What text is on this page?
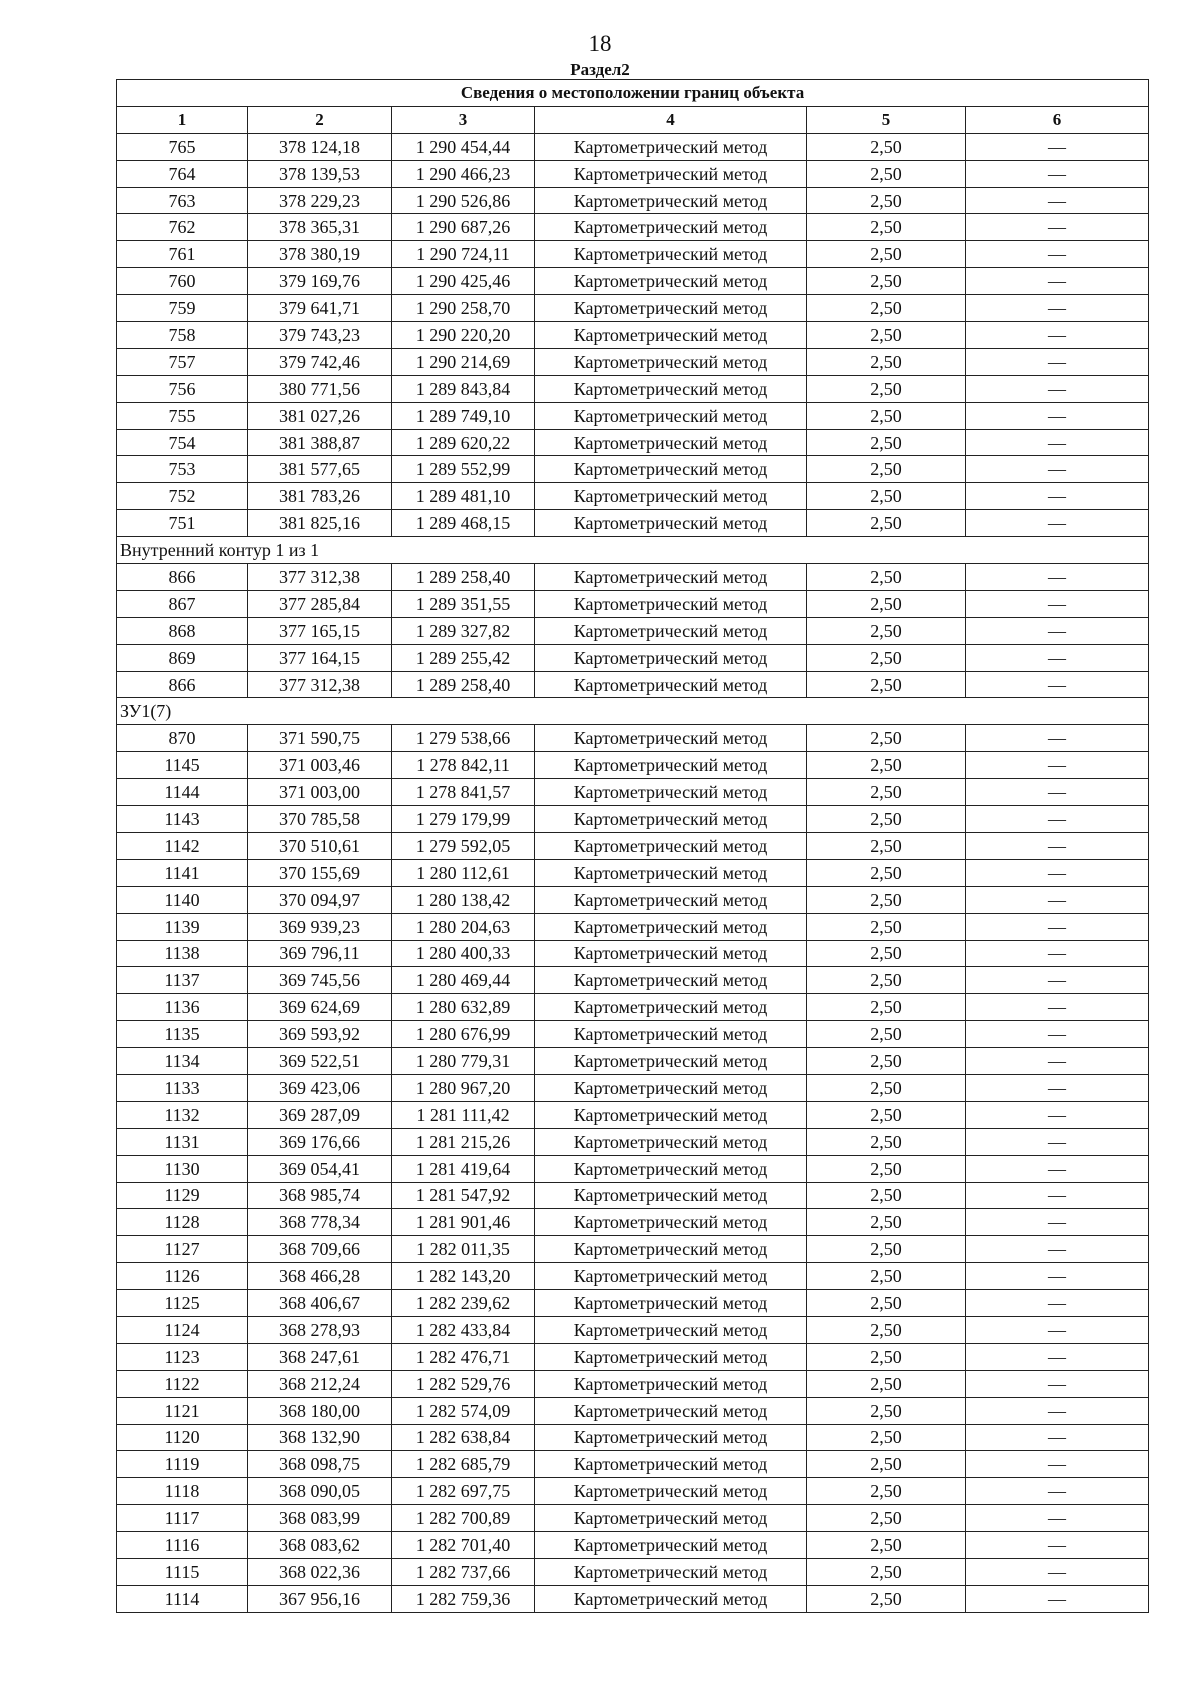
18
Раздел2
Сведения о местоположении границ объекта					
1	2	3	4	5	6
765	378 124,18	1 290 454,44	Картометрический метод	2,50	—
764	378 139,53	1 290 466,23	Картометрический метод	2,50	—
763	378 229,23	1 290 526,86	Картометрический метод	2,50	—
762	378 365,31	1 290 687,26	Картометрический метод	2,50	—
761	378 380,19	1 290 724,11	Картометрический метод	2,50	—
760	379 169,76	1 290 425,46	Картометрический метод	2,50	—
759	379 641,71	1 290 258,70	Картометрический метод	2,50	—
758	379 743,23	1 290 220,20	Картометрический метод	2,50	—
757	379 742,46	1 290 214,69	Картометрический метод	2,50	—
756	380 771,56	1 289 843,84	Картометрический метод	2,50	—
755	381 027,26	1 289 749,10	Картометрический метод	2,50	—
754	381 388,87	1 289 620,22	Картометрический метод	2,50	—
753	381 577,65	1 289 552,99	Картометрический метод	2,50	—
752	381 783,26	1 289 481,10	Картометрический метод	2,50	—
751	381 825,16	1 289 468,15	Картометрический метод	2,50	—
Внутренний контур 1 из 1					
866	377 312,38	1 289 258,40	Картометрический метод	2,50	—
867	377 285,84	1 289 351,55	Картометрический метод	2,50	—
868	377 165,15	1 289 327,82	Картометрический метод	2,50	—
869	377 164,15	1 289 255,42	Картометрический метод	2,50	—
866	377 312,38	1 289 258,40	Картометрический метод	2,50	—
ЗУ1(7)					
870	371 590,75	1 279 538,66	Картометрический метод	2,50	—
1145	371 003,46	1 278 842,11	Картометрический метод	2,50	—
1144	371 003,00	1 278 841,57	Картометрический метод	2,50	—
1143	370 785,58	1 279 179,99	Картометрический метод	2,50	—
1142	370 510,61	1 279 592,05	Картометрический метод	2,50	—
1141	370 155,69	1 280 112,61	Картометрический метод	2,50	—
1140	370 094,97	1 280 138,42	Картометрический метод	2,50	—
1139	369 939,23	1 280 204,63	Картометрический метод	2,50	—
1138	369 796,11	1 280 400,33	Картометрический метод	2,50	—
1137	369 745,56	1 280 469,44	Картометрический метод	2,50	—
1136	369 624,69	1 280 632,89	Картометрический метод	2,50	—
1135	369 593,92	1 280 676,99	Картометрический метод	2,50	—
1134	369 522,51	1 280 779,31	Картометрический метод	2,50	—
1133	369 423,06	1 280 967,20	Картометрический метод	2,50	—
1132	369 287,09	1 281 111,42	Картометрический метод	2,50	—
1131	369 176,66	1 281 215,26	Картометрический метод	2,50	—
1130	369 054,41	1 281 419,64	Картометрический метод	2,50	—
1129	368 985,74	1 281 547,92	Картометрический метод	2,50	—
1128	368 778,34	1 281 901,46	Картометрический метод	2,50	—
1127	368 709,66	1 282 011,35	Картометрический метод	2,50	—
1126	368 466,28	1 282 143,20	Картометрический метод	2,50	—
1125	368 406,67	1 282 239,62	Картометрический метод	2,50	—
1124	368 278,93	1 282 433,84	Картометрический метод	2,50	—
1123	368 247,61	1 282 476,71	Картометрический метод	2,50	—
1122	368 212,24	1 282 529,76	Картометрический метод	2,50	—
1121	368 180,00	1 282 574,09	Картометрический метод	2,50	—
1120	368 132,90	1 282 638,84	Картометрический метод	2,50	—
1119	368 098,75	1 282 685,79	Картометрический метод	2,50	—
1118	368 090,05	1 282 697,75	Картометрический метод	2,50	—
1117	368 083,99	1 282 700,89	Картометрический метод	2,50	—
1116	368 083,62	1 282 701,40	Картометрический метод	2,50	—
1115	368 022,36	1 282 737,66	Картометрический метод	2,50	—
1114	367 956,16	1 282 759,36	Картометрический метод	2,50	—
